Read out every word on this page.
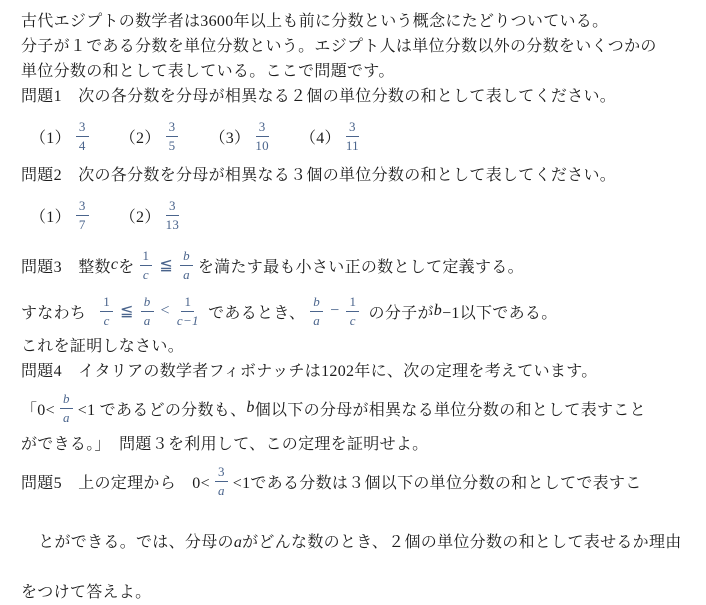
古代エジプトの数学者は3600年以上も前に分数という概念にたどりついている。
分子が１である分数を単位分数という。エジプト人は単位分数以外の分数をいくつかの
単位分数の和として表している。ここで問題です。
問題1　次の各分数を分母が相異なる２個の単位分数の和として表してください。
$(1) \frac{3}{4} (2) \frac{3}{5} (3) \frac{3}{10} (4) \frac{3}{11}$
問題2　次の各分数を分母が相異なる３個の単位分数の和として表してください。
$(1) \frac{3}{7} (2) \frac{3}{13}$
問題3　整数 c を $\frac{1}{c}$ ≦ $\frac{b}{a}$ を満たす最も小さい正の数として定義する。
すなわち $\frac{1}{c}$ ≦ $\frac{b}{a} < \frac{1}{c-1}$ であるとき、 $\frac{b}{a} - \frac{1}{c}$ の分子が b −1以下である。
これを証明しなさい。
問題4　イタリアの数学者フィボナッチは1202年に、次の定理を考えています。
「$0< \frac{b}{a} <1$ であるどの分数も、 b 個以下の分母が相異なる単位分数の和として表すこと
ができる。」　問題３を利用して、この定理を証明せよ。
問題5　上の定理から　$0< \frac{3}{a} <1$である分数は３個以下の単位分数の和としてで表すこ

とができる。では、分母のaがどんな数のとき、２個の単位分数の和として表せるか理由

をつけて答えよ。
